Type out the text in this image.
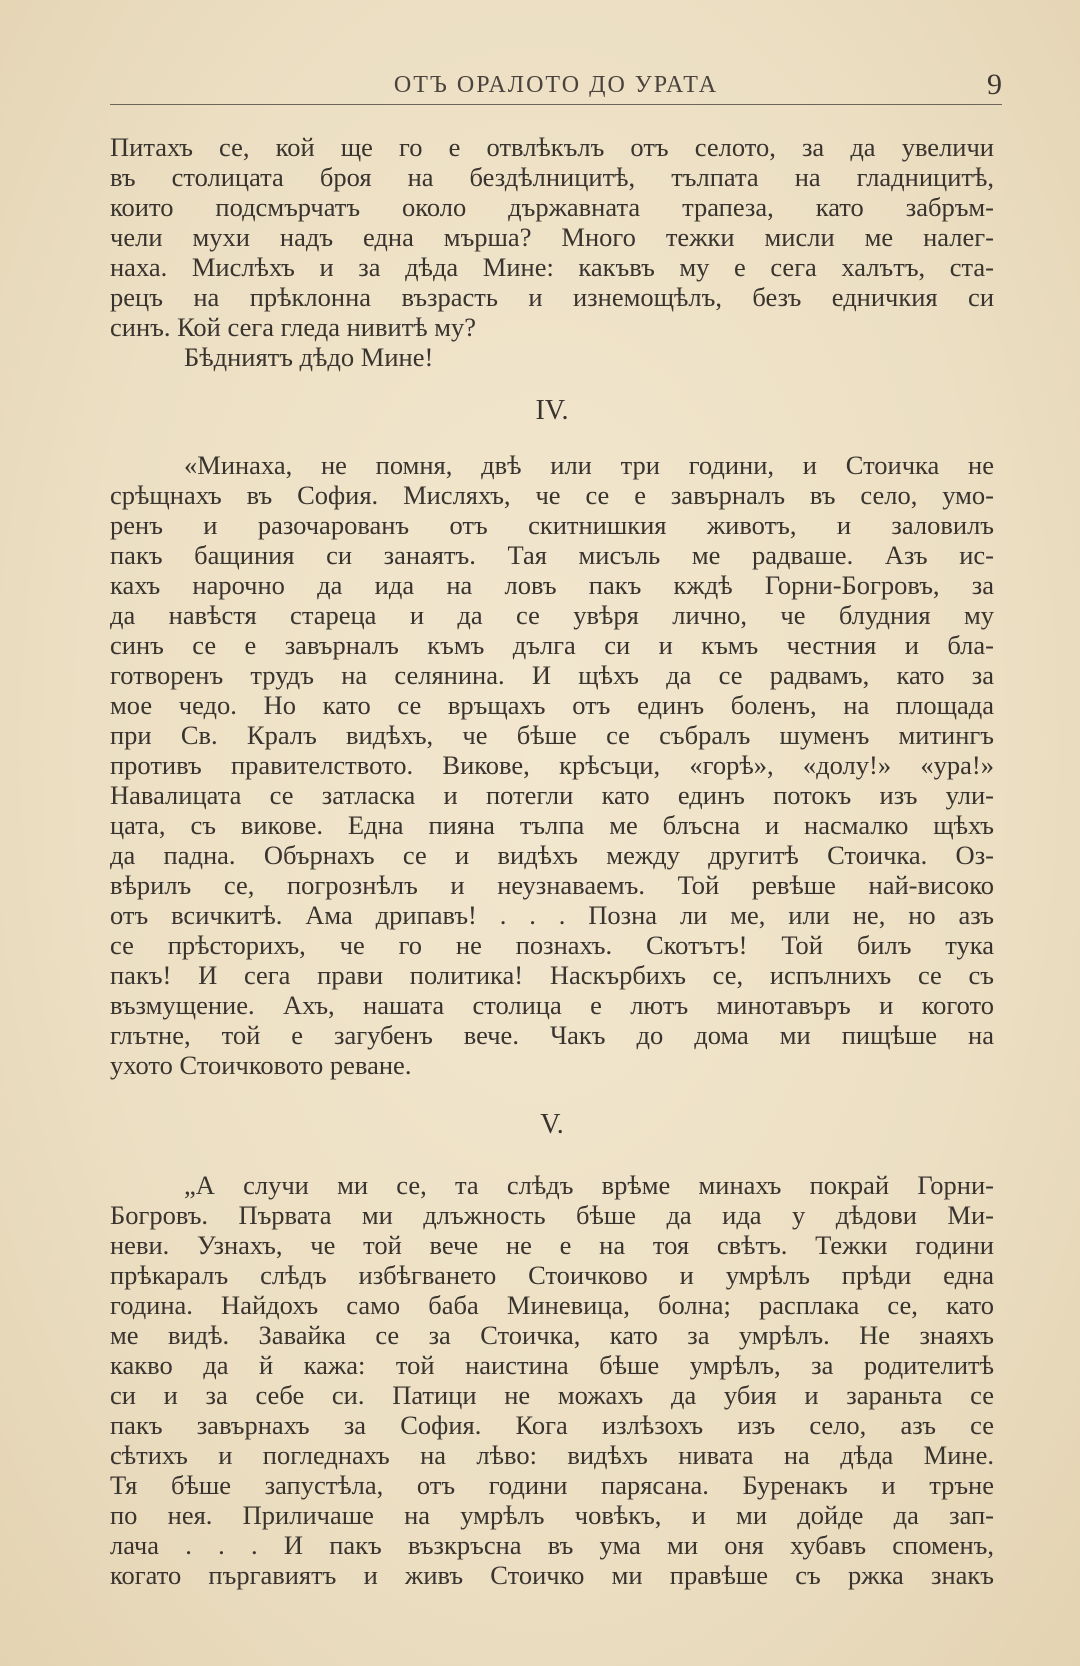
ОТЪ ОРАЛОТО ДО УРАТА	9
Питахъ се, кой ще го е отвлѣкълъ отъ селото, за да увеличи
въ столицата броя на бездѣлницитѣ, тълпата на гладницитѣ,
които подсмърчатъ около държавната трапеза, като забръм-
чели мухи надъ една мърша? Много тежки мисли ме налег-
наха. Мислѣхъ и за дѣда Мине: какъвъ му е сега халътъ, ста-
рецъ на прѣклонна възрасть и изнемощѣлъ, безъ едничкия си
синъ. Кой сега гледа нивитѣ му?
Бѣдниятъ дѣдо Мине!
IV.
«Минаха, не помня, двѣ или три години, и Стоичка не
срѣщнахъ въ София. Мисляхъ, че се е завърналъ въ село, умо-
ренъ и разочарованъ отъ скитнишкия животъ, и заловилъ
пакъ бащиния си занаятъ. Тая мисъль ме радваше. Азъ ис-
кахъ нарочно да ида на ловъ пакъ кждѣ Горни-Богровъ, за
да навѣстя стареца и да се увѣря лично, че блудния му
синъ се е завърналъ къмъ дълга си и къмъ честния и бла-
готворенъ трудъ на селянина. И щѣхъ да се радвамъ, като за
мое чедо. Но като се връщахъ отъ единъ боленъ, на площада
при Св. Кралъ видѣхъ, че бѣше се събралъ шуменъ митингъ
противъ правителството. Викове, крѣсъци, «горѣ», «долу!» «ура!»
Навалицата се затласка и потегли като единъ потокъ изъ ули-
цата, съ викове. Една пияна тълпа ме блъсна и насмалко щѣхъ
да падна. Обърнахъ се и видѣхъ между другитѣ Стоичка. Оз-
вѣрилъ се, погрознѣлъ и неузнаваемъ. Той ревѣше най-високо
отъ всичкитѣ. Ама дрипавъ! . . . Позна ли ме, или не, но азъ
се прѣсторихъ, че го не познахъ. Скотътъ! Той билъ тука
пакъ! И сега прави политика! Наскърбихъ се, испълнихъ се съ
възмущение. Ахъ, нашата столица е лютъ минотавъръ и когото
глътне, той е загубенъ вече. Чакъ до дома ми пищѣше на
ухото Стоичковото реване.
V.
„А случи ми се, та слѣдъ врѣме минахъ покрай Горни-
Богровъ. Първата ми длъжность бѣше да ида у дѣдови Ми-
неви. Узнахъ, че той вече не е на тоя свѣтъ. Тежки години
прѣкаралъ слѣдъ избѣгването Стоичково и умрѣлъ прѣди една
година. Найдохъ само баба Миневица, болна; расплака се, като
ме видѣ. Завайка се за Стоичка, като за умрѣлъ. Не знаяхъ
какво да й кажа: той наистина бѣше умрѣлъ, за родителитѣ
си и за себе си. Патици не можахъ да убия и зараньта се
пакъ завърнахъ за София. Кога излѣзохъ изъ село, азъ се
сѣтихъ и погледнахъ на лѣво: видѣхъ нивата на дѣда Мине.
Тя бѣше запустѣла, отъ години парясана. Буренакъ и трънe
по нея. Приличаше на умрѣлъ човѣкъ, и ми дойде да зап-
лача . . . И пакъ възкръсна въ ума ми оня хубавъ споменъ,
когато пъргавиятъ и живъ Стоичко ми правѣше съ ржка знакъ
